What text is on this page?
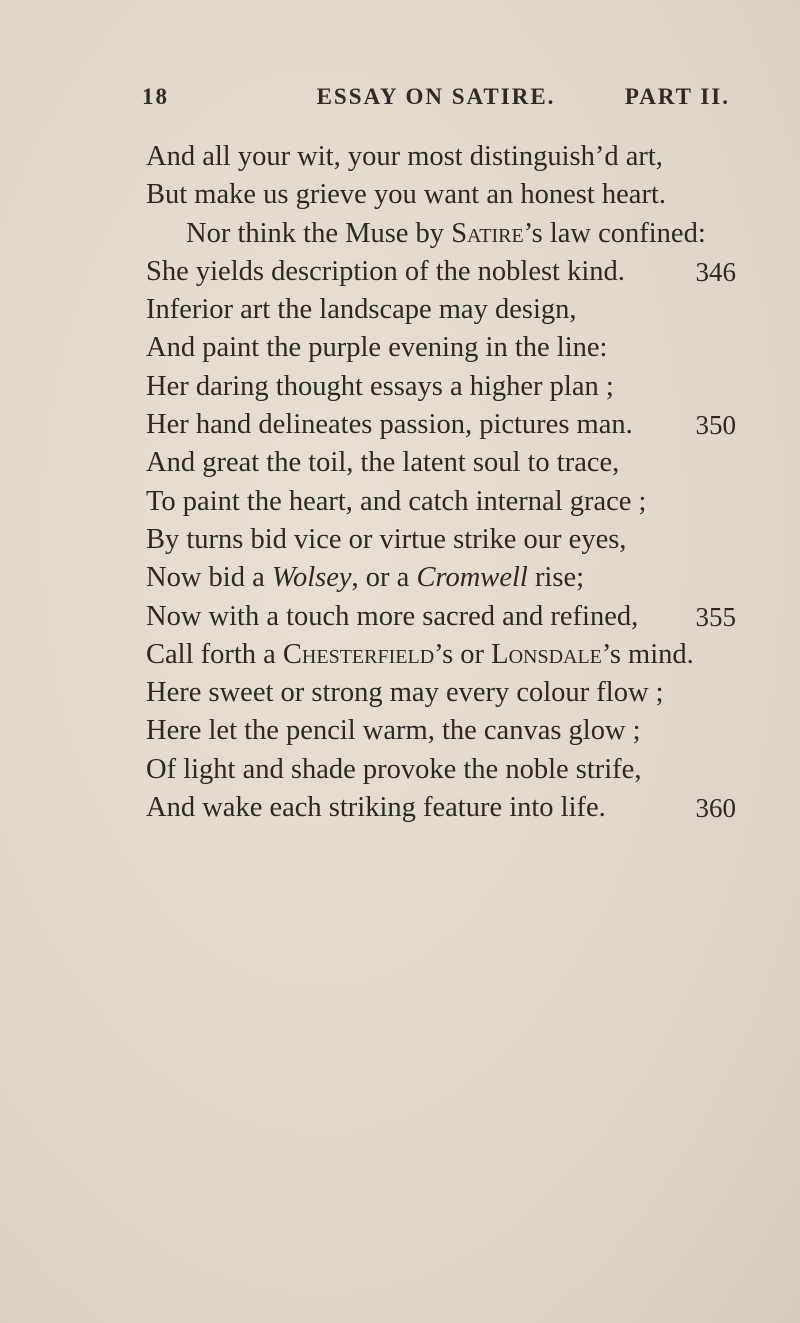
18	ESSAY ON SATIRE.	PART II.
And all your wit, your most distinguish’d art,
But make us grieve you want an honest heart.
Nor think the Muse by Satire’s law confined:
She yields description of the noblest kind.	346
Inferior art the landscape may design,
And paint the purple evening in the line:
Her daring thought essays a higher plan ;
Her hand delineates passion, pictures man. 350
And great the toil, the latent soul to trace,
To paint the heart, and catch internal grace ;
By turns bid vice or virtue strike our eyes,
Now bid a Wolsey, or a Cromwell rise;
Now with a touch more sacred and refined, 355
Call forth a Chesterfield’s or Lonsdale’s mind.
Here sweet or strong may every colour flow ;
Here let the pencil warm, the canvas glow ;
Of light and shade provoke the noble strife,
And wake each striking feature into life.	360
